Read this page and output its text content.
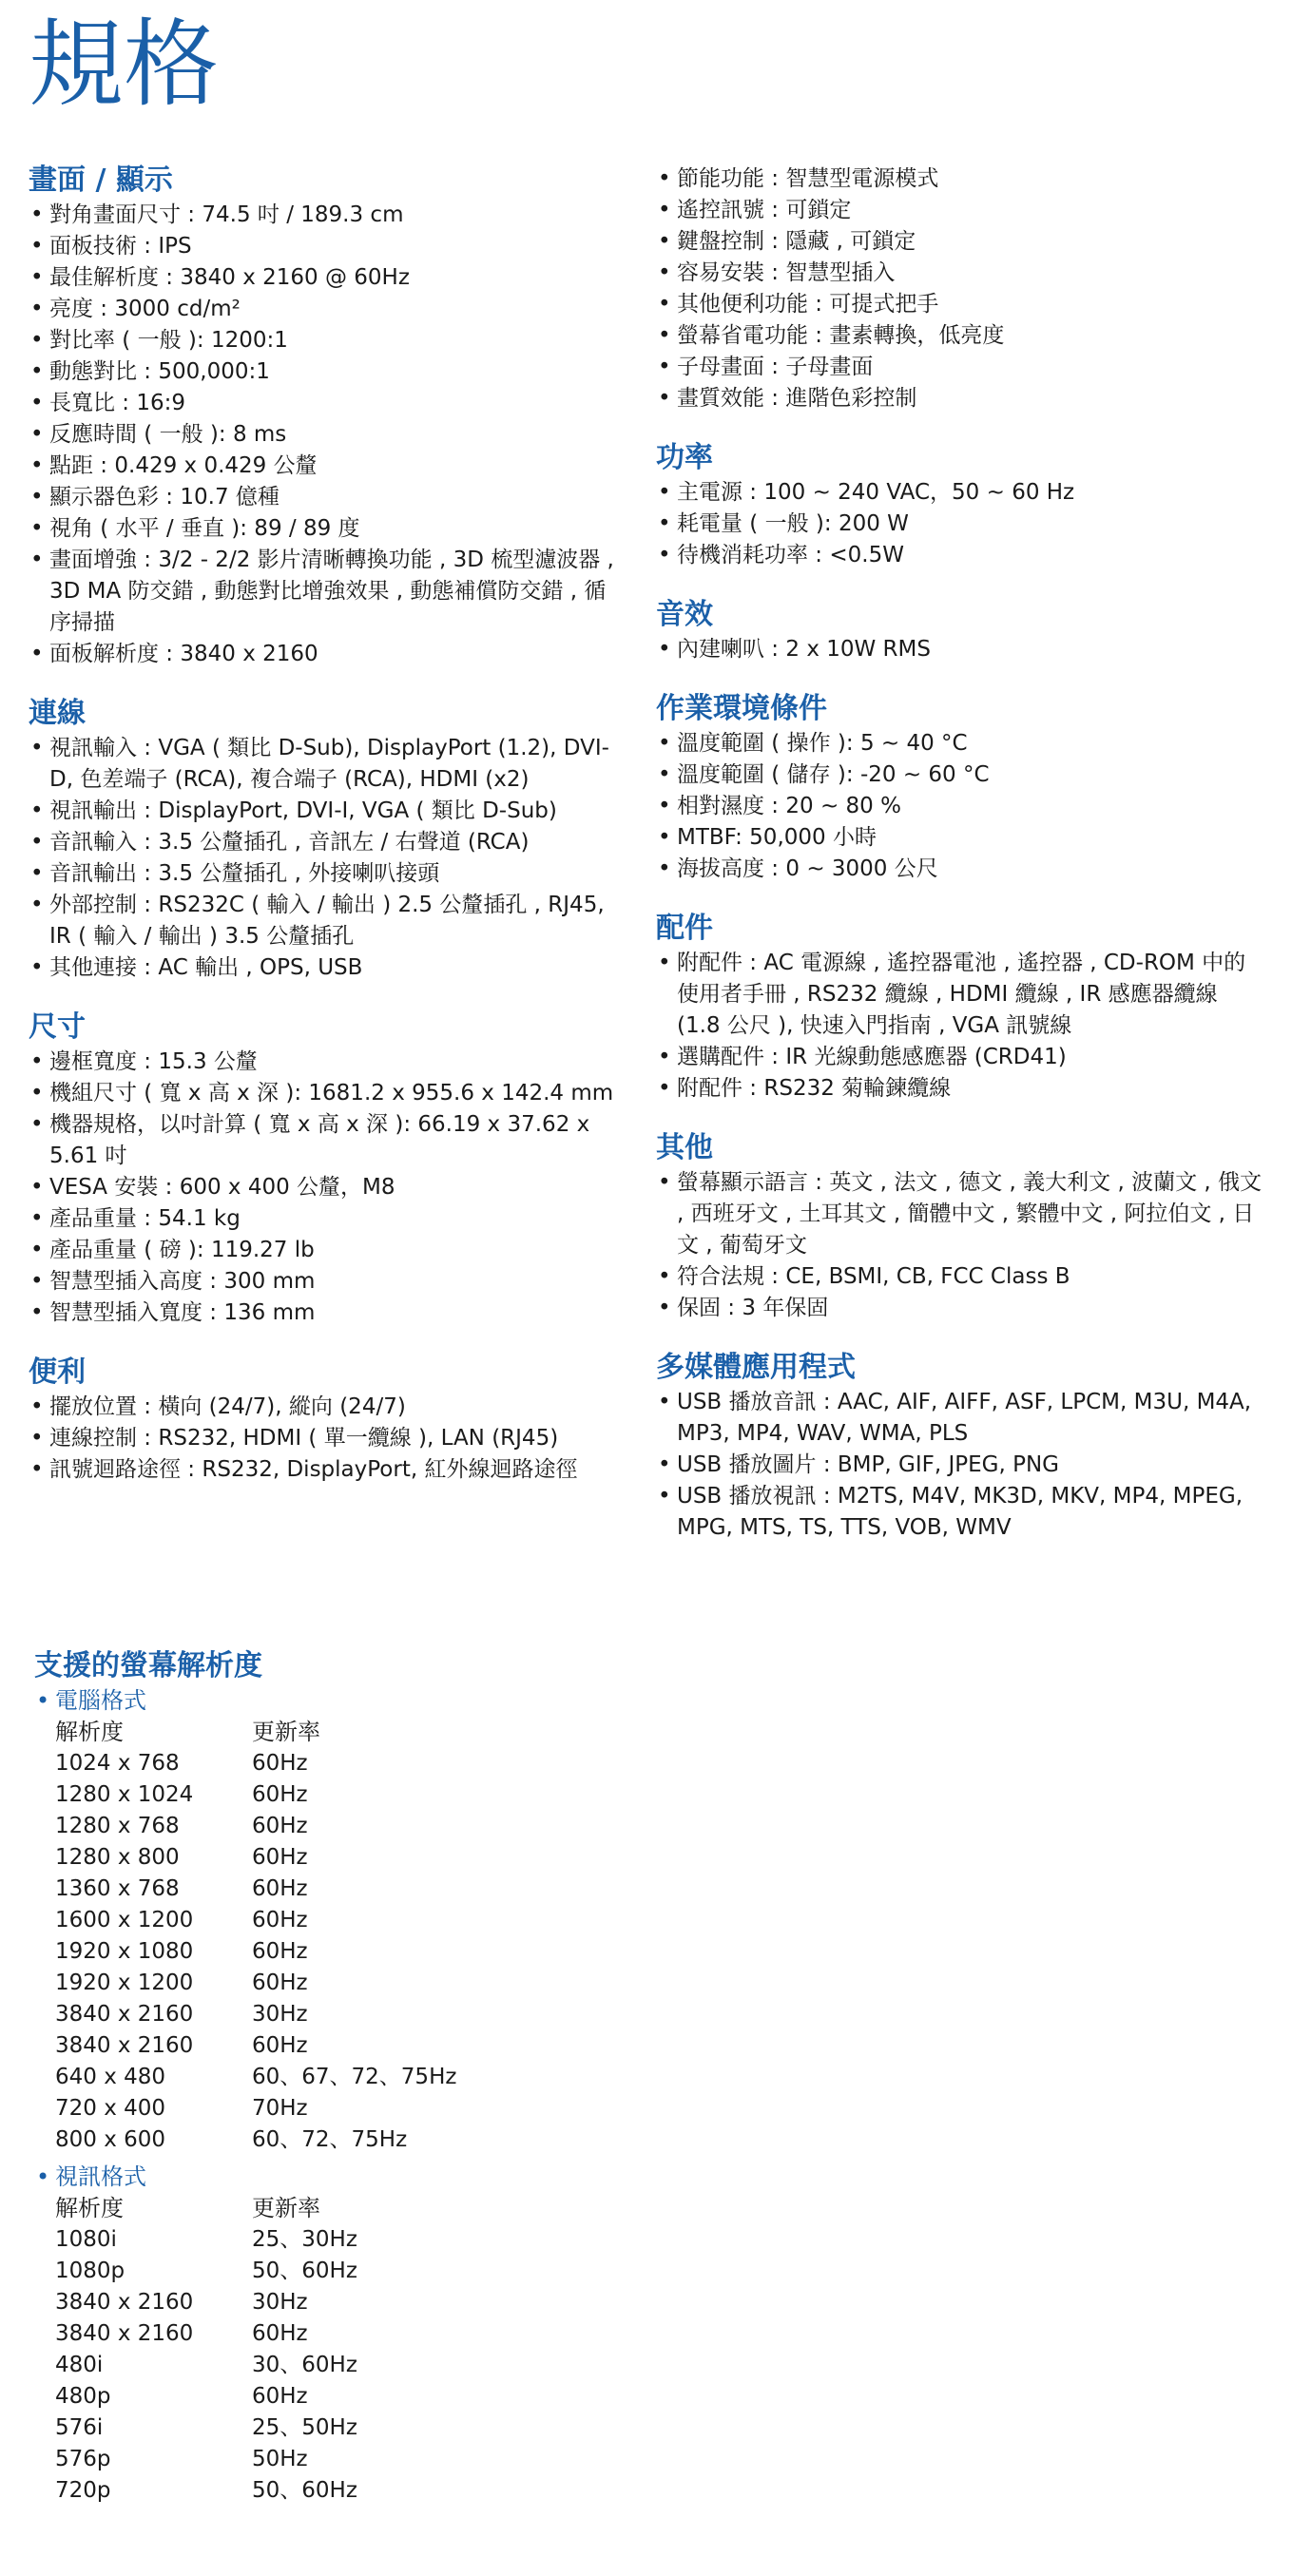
規格
畫面 / 顯示
• 對角畫面尺寸 : 74.5 吋 / 189.3 cm
• 面板技術 : IPS
• 最佳解析度 : 3840 x 2160 @ 60Hz
• 亮度 : 3000 cd/m²
• 對比率 ( 一般 ): 1200:1
• 動態對比 : 500,000:1
• 長寬比 : 16:9
• 反應時間 ( 一般 ): 8 ms
• 點距 : 0.429 x 0.429 公釐
• 顯示器色彩 : 10.7 億種
• 視角 ( 水平 / 垂直 ): 89 / 89 度
• 畫面增強 : 3/2 - 2/2 影片清晰轉換功能 , 3D 梳型濾波器 , 3D MA 防交錯 , 動態對比增強效果 , 動態補償防交錯 , 循序掃描
• 面板解析度 : 3840 x 2160
連線
• 視訊輸入 : VGA ( 類比 D-Sub), DisplayPort (1.2), DVI-D, 色差端子 (RCA), 複合端子 (RCA), HDMI (x2)
• 視訊輸出 : DisplayPort, DVI-I, VGA ( 類比 D-Sub)
• 音訊輸入 : 3.5 公釐插孔 , 音訊左 / 右聲道 (RCA)
• 音訊輸出 : 3.5 公釐插孔 , 外接喇叭接頭
• 外部控制 : RS232C ( 輸入 / 輸出 ) 2.5 公釐插孔 , RJ45, IR ( 輸入 / 輸出 ) 3.5 公釐插孔
• 其他連接 : AC 輸出 , OPS, USB
尺寸
• 邊框寬度 : 15.3 公釐
• 機組尺寸 ( 寬 x 高 x 深 ): 1681.2 x 955.6 x 142.4 mm
• 機器規格，以吋計算 ( 寬 x 高 x 深 ): 66.19 x 37.62 x 5.61 吋
• VESA 安裝 : 600 x 400 公釐，M8
• 產品重量 : 54.1 kg
• 產品重量 ( 磅 ): 119.27 lb
• 智慧型插入高度 : 300 mm
• 智慧型插入寬度 : 136 mm
便利
• 擺放位置 : 橫向 (24/7), 縱向 (24/7)
• 連線控制 : RS232, HDMI ( 單一纜線 ), LAN (RJ45)
• 訊號迴路途徑 : RS232, DisplayPort, 紅外線迴路途徑
• 節能功能 : 智慧型電源模式
• 遙控訊號 : 可鎖定
• 鍵盤控制 : 隱藏 , 可鎖定
• 容易安裝 : 智慧型插入
• 其他便利功能 : 可提式把手
• 螢幕省電功能 : 畫素轉換，低亮度
• 子母畫面 : 子母畫面
• 畫質效能 : 進階色彩控制
功率
• 主電源 : 100 ~ 240 VAC，50 ~ 60 Hz
• 耗電量 ( 一般 ): 200 W
• 待機消耗功率 : <0.5W
音效
• 內建喇叭 : 2 x 10W RMS
作業環境條件
• 溫度範圍 ( 操作 ): 5 ~ 40 °C
• 溫度範圍 ( 儲存 ): -20 ~ 60 °C
• 相對濕度 : 20 ~ 80 %
• MTBF: 50,000 小時
• 海拔高度 : 0 ~ 3000 公尺
配件
• 附配件 : AC 電源線 , 遙控器電池 , 遙控器 , CD-ROM 中的使用者手冊 , RS232 纜線 , HDMI 纜線 , IR 感應器纜線 (1.8 公尺 ), 快速入門指南 , VGA 訊號線
• 選購配件 : IR 光線動態感應器 (CRD41)
• 附配件 : RS232 菊輪鍊纜線
其他
• 螢幕顯示語言 : 英文 , 法文 , 德文 , 義大利文 , 波蘭文 , 俄文 , 西班牙文 , 土耳其文 , 簡體中文 , 繁體中文 , 阿拉伯文 , 日文 , 葡萄牙文
• 符合法規 : CE, BSMI, CB, FCC Class B
• 保固 : 3 年保固
多媒體應用程式
• USB 播放音訊 : AAC, AIF, AIFF, ASF, LPCM, M3U, M4A, MP3, MP4, WAV, WMA, PLS
• USB 播放圖片 : BMP, GIF, JPEG, PNG
• USB 播放視訊 : M2TS, M4V, MK3D, MKV, MP4, MPEG, MPG, MTS, TS, TTS, VOB, WMV
支援的螢幕解析度
• 電腦格式
解析度	更新率
1024 x 768	60Hz
1280 x 1024	60Hz
1280 x 768	60Hz
1280 x 800	60Hz
1360 x 768	60Hz
1600 x 1200	60Hz
1920 x 1080	60Hz
1920 x 1200	60Hz
3840 x 2160	30Hz
3840 x 2160	60Hz
640 x 480	60、67、72、75Hz
720 x 400	70Hz
800 x 600	60、72、75Hz
• 視訊格式
解析度	更新率
1080i	25、30Hz
1080p	50、60Hz
3840 x 2160	30Hz
3840 x 2160	60Hz
480i	30、60Hz
480p	60Hz
576i	25、50Hz
576p	50Hz
720p	50、60Hz
